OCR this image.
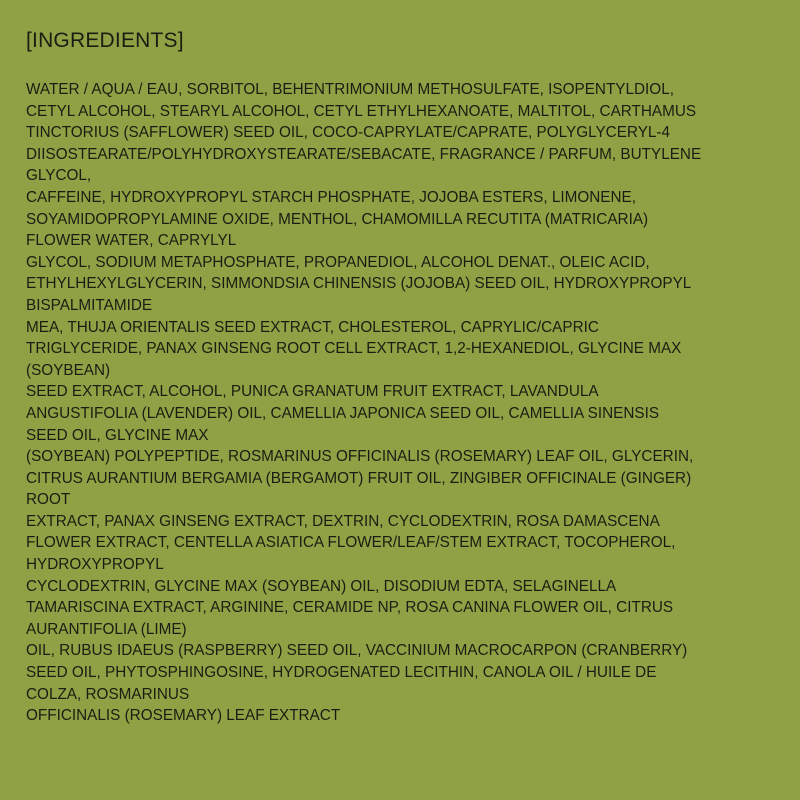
[INGREDIENTS]
WATER / AQUA / EAU, SORBITOL, BEHENTRIMONIUM METHOSULFATE, ISOPENTYLDIOL,
CETYL ALCOHOL, STEARYL ALCOHOL, CETYL ETHYLHEXANOATE, MALTITOL, CARTHAMUS
TINCTORIUS (SAFFLOWER) SEED OIL, COCO-CAPRYLATE/CAPRATE, POLYGLYCERYL-4
DIISOSTEARATE/POLYHYDROXYSTEARATE/SEBACATE, FRAGRANCE / PARFUM, BUTYLENE
GLYCOL,
CAFFEINE, HYDROXYPROPYL STARCH PHOSPHATE, JOJOBA ESTERS, LIMONENE,
SOYAMIDOPROPYLAMINE OXIDE, MENTHOL, CHAMOMILLA RECUTITA (MATRICARIA)
FLOWER WATER, CAPRYLYL
GLYCOL, SODIUM METAPHOSPHATE, PROPANEDIOL, ALCOHOL DENAT., OLEIC ACID,
ETHYLHEXYLGLYCERIN, SIMMONDSIA CHINENSIS (JOJOBA) SEED OIL, HYDROXYPROPYL
BISPALMITAMIDE
MEA, THUJA ORIENTALIS SEED EXTRACT, CHOLESTEROL, CAPRYLIC/CAPRIC
TRIGLYCERIDE, PANAX GINSENG ROOT CELL EXTRACT, 1,2-HEXANEDIOL, GLYCINE MAX
(SOYBEAN)
SEED EXTRACT, ALCOHOL, PUNICA GRANATUM FRUIT EXTRACT, LAVANDULA
ANGUSTIFOLIA (LAVENDER) OIL, CAMELLIA JAPONICA SEED OIL, CAMELLIA SINENSIS
SEED OIL, GLYCINE MAX
(SOYBEAN) POLYPEPTIDE, ROSMARINUS OFFICINALIS (ROSEMARY) LEAF OIL, GLYCERIN,
CITRUS AURANTIUM BERGAMIA (BERGAMOT) FRUIT OIL, ZINGIBER OFFICINALE (GINGER)
ROOT
EXTRACT, PANAX GINSENG EXTRACT, DEXTRIN, CYCLODEXTRIN, ROSA DAMASCENA
FLOWER EXTRACT, CENTELLA ASIATICA FLOWER/LEAF/STEM EXTRACT, TOCOPHEROL,
HYDROXYPROPYL
CYCLODEXTRIN, GLYCINE MAX (SOYBEAN) OIL, DISODIUM EDTA, SELAGINELLA
TAMARISCINA EXTRACT, ARGININE, CERAMIDE NP, ROSA CANINA FLOWER OIL, CITRUS
AURANTIFOLIA (LIME)
OIL, RUBUS IDAEUS (RASPBERRY) SEED OIL, VACCINIUM MACROCARPON (CRANBERRY)
SEED OIL, PHYTOSPHINGOSINE, HYDROGENATED LECITHIN, CANOLA OIL / HUILE DE
COLZA, ROSMARINUS
OFFICINALIS (ROSEMARY) LEAF EXTRACT
